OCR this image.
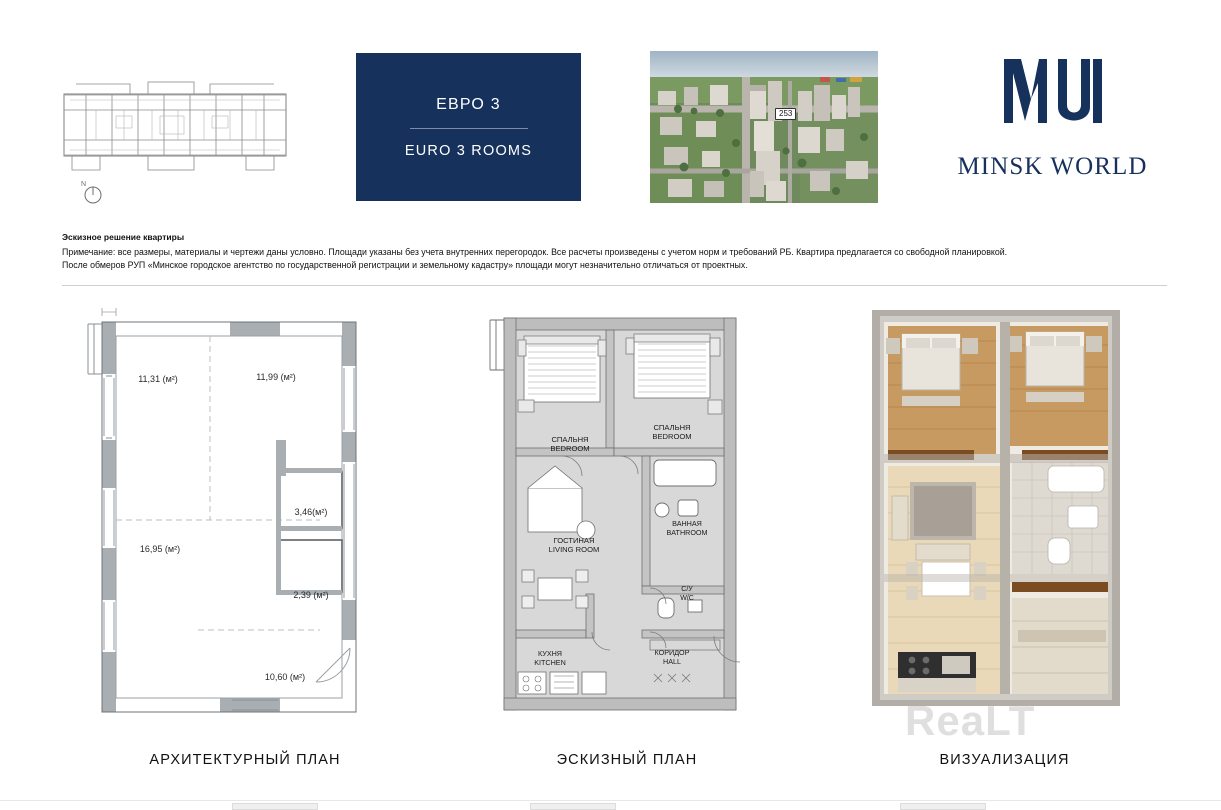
N
ЕВРО 3
EURO 3 ROOMS
253
MINSK WORLD
Эскизное решение квартиры

Примечание: все размеры, материалы и чертежи даны условно. Площади указаны без учета внутренних перегородок. Все расчеты произведены с учетом норм и требований РБ. Квартира предлагается со свободной планировкой.

После обмеров РУП «Минское городское агентство по государственной регистрации и земельному кадастру» площади могут незначительно отличаться от проектных.

11,31 (м²)	11,99 (м²)
3,46(м²)
16,95 (м²)
2,39 (м²)
10,60 (м²)
АРХИТЕКТУРНЫЙ ПЛАН
СПАЛЬНЯ
BEDROOM
СПАЛЬНЯ
BEDROOM
ГОСТИНАЯ
LIVING ROOM
ВАННАЯ
BATHROOM
С/У
W/C
КУХНЯ
KITCHEN
КОРИДОР
HALL
ЭСКИЗНЫЙ ПЛАН	ВИЗУАЛИЗАЦИЯ
ReaLT
